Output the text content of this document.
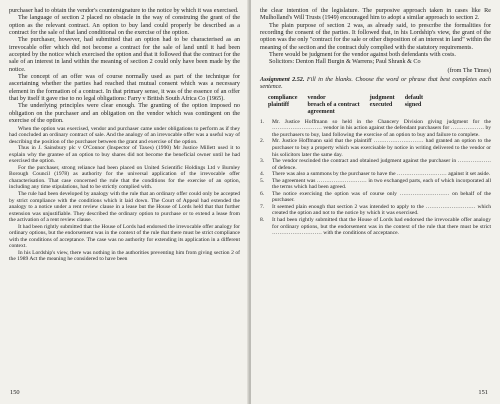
purchaser had to obtain the vendor's countersignature to the notice by which it was exercised.

The language of section 2 placed no obstacle in the way of construing the grant of the option as the relevant contract. An option to buy land could properly be described as a contract for the sale of that land conditional on the exercise of the option.

The purchaser, however, had submitted that an option had to be characterised as an irrevocable offer which did not become a contract for the sale of land until it had been accepted by the notice which exercised the option and that it followed that the contract for the sale of an interest in land within the meaning of section 2 could only have been made by the notice.

The concept of an offer was of course normally used as part of the technique for ascertaining whether the parties had reached that mutual consent which was a necessary element in the formation of a contract. In that primary sense, it was of the essence of an offer that by itself it gave rise to no legal obligations: Farry v British South Africa Co (1965).

The underlying principles were clear enough. The granting of the option imposed no obligation on the purchaser and an obligation on the vendor which was contingent on the exercise of the option.

When the option was exercised, vendor and purchaser came under obligations to perform as if they had concluded an ordinary contract of sale. And the analogy of an irrevocable offer was a useful way of describing the position of the purchaser between the grant and exercise of the option.

Thus in J. Sainsbury plc v O'Connor (Inspector of Taxes) (1990) Mr Justice Millett used it to explain why the grantee of an option to buy shares did not become the beneficial owner until he had exercised the option.

For the purchaser, strong reliance had been placed on United Scientific Holdings Ltd v Burnley Borough Council (1978) as authority for the universal application of the irrevocable offer characterisation. That case concerned the rule that the conditions for the exercise of an option, including any time stipulations, had to be strictly complied with.

The rule had been developed by analogy with the rule that an ordinary offer could only be accepted by strict compliance with the conditions which it laid down. The Court of Appeal had extended the analogy to a notice under a rent review clause in a lease but the House of Lords held that that further extension was unjustifiable. They described the ordinary option to purchase or to extend a lease from the activation of a rent review clause.

It had been rightly submitted that the House of Lords had endorsed the irrevocable offer analogy for ordinary options, but the endorsement was in the context of the rule that there must be strict compliance with the conditions of acceptance. The case was no authority for extending its application in a different context.

In his Lordship's view, there was nothing in the authorities preventing him from giving section 2 of the 1989 Act the meaning he considered to have been

150

the clear intention of the legislature. The purposive approach taken in cases like Re Mulholland's Will Trusts (1949) encouraged him to adopt a similar approach to section 2.

The plain purpose of section 2 was, as already said, to prescribe the formalities for recording the consent of the parties. It followed that, in his Lordship's view, the grant of the option was the only "contract for the sale or other disposition of an interest in land" within the meaning of the section and the contract duly complied with the statutory requirements.

There would be judgment for the vendor against both defendants with costs.

Solicitors: Denton Hall Burgin & Warrens; Paul Shrank & Co

(from The Times)

Assignment 2.52. Fill in the blanks. Choose the word or phrase that best completes each sentence.

compliance	vendor	judgment	default
plaintiff	breach of a contract	executed	signed
	agreement		
1. Mr. Justice Hoffmann so held in the Chancery Division giving judgment for the ……………………… vendor in his action against the defendant purchasers for ……………… by the purchasers to buy, land following the exercise of an option to buy and failure to complete.
2. Mr. Justice Hoffmann said that the plaintiff ……………………… had granted an option to the purchaser to buy a property which was exercisable by notice in writing delivered to the vendor or his solicitors later the same day.
3. The vendor rescinded the contract and obtained judgment against the purchaser in ……………… of defence.
4. There was also a summons by the purchaser to have the ……………………… against it set aside.
5. The agreement was ……………………… in two exchanged parts, each of which incorporated all the terms which had been agreed.
6. The notice exercising the option was of course only ……………………… on behalf of the purchaser.
7. It seemed plain enough that section 2 was intended to apply to the ……………………… which created the option and not to the notice by which it was exercised.
8. It had been rightly submitted that the House of Lords had endorsed the irrevocable offer analogy for ordinary options, but the endorsement was in the context of the rule that there must be strict ……………………… with the conditions of acceptance.
151
